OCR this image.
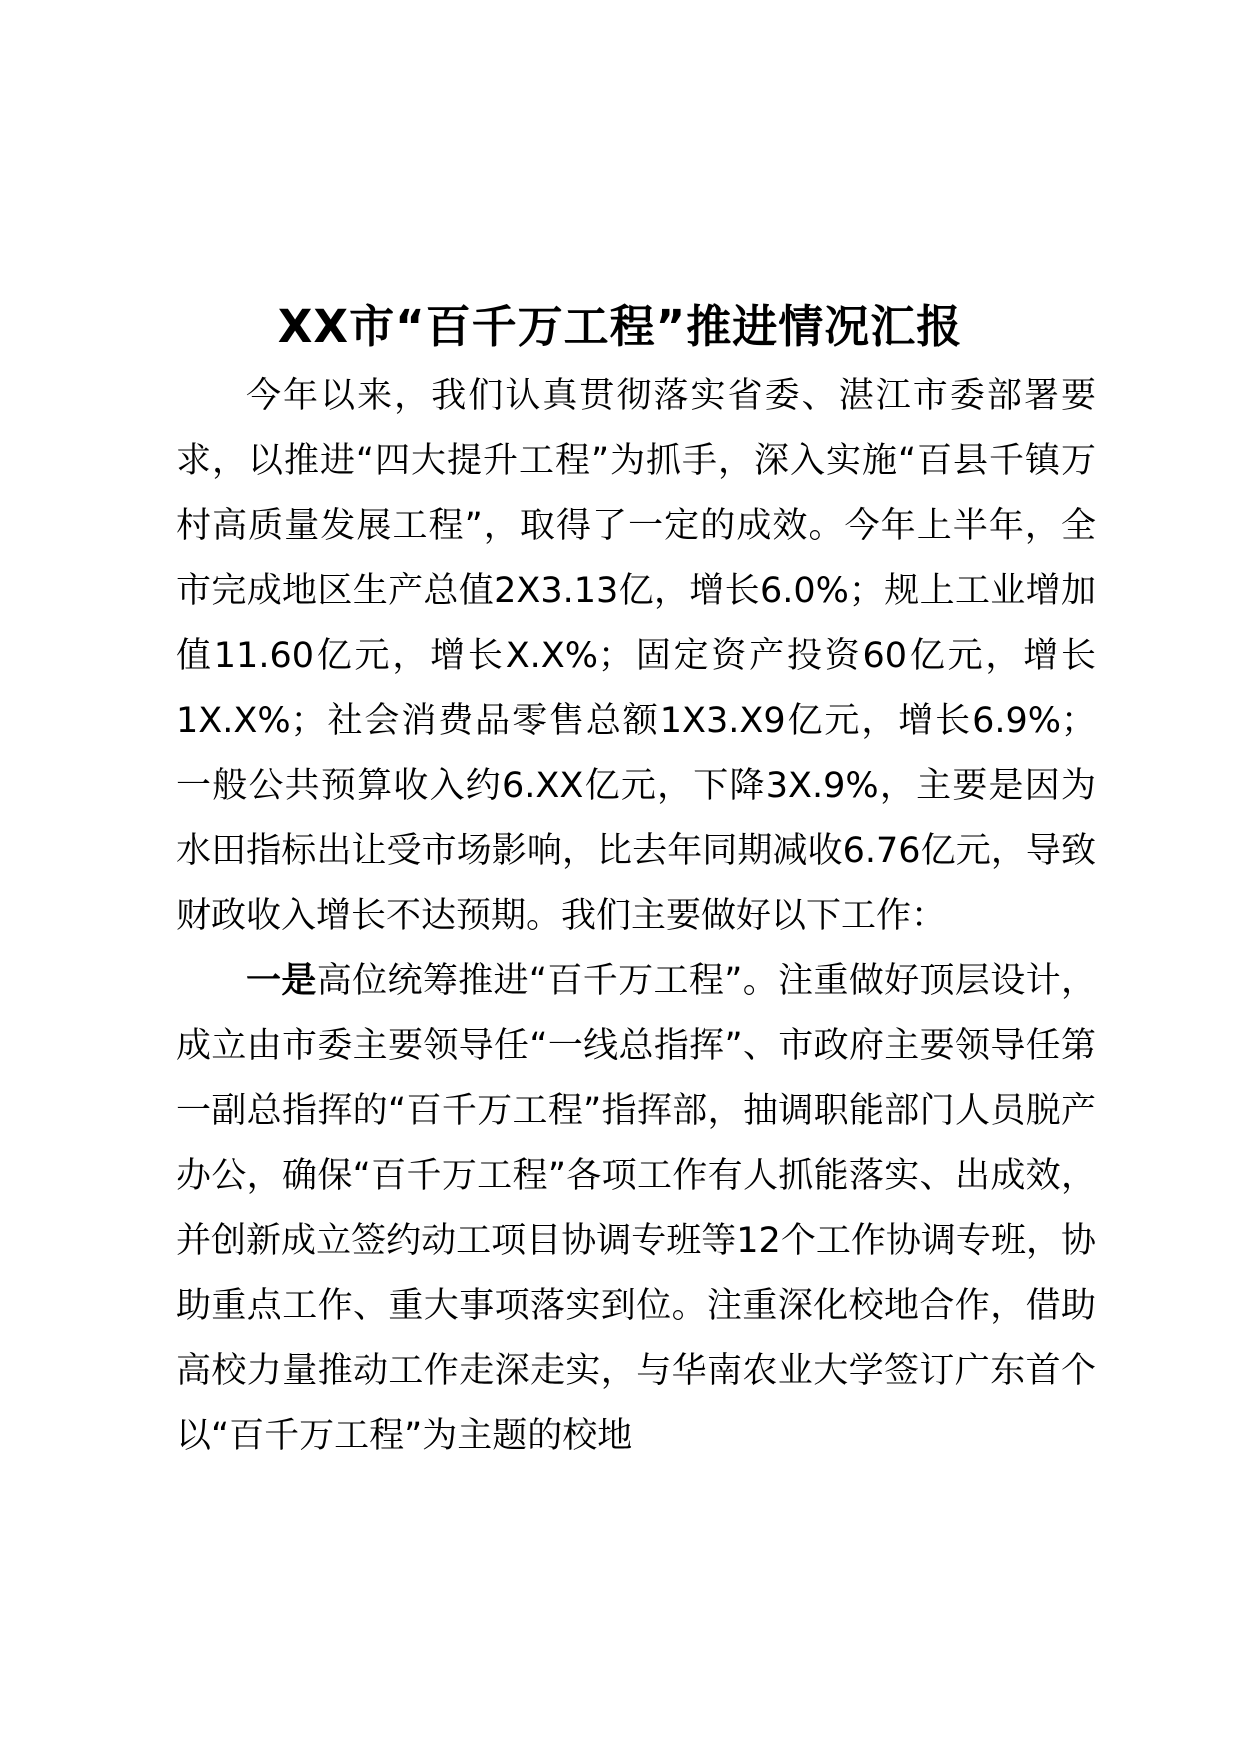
XX市“百千万工程”推进情况汇报

今年以来，我们认真贯彻落实省委、湛江市委部署要求，以推进“四大提升工程”为抓手，深入实施“百县千镇万村高质量发展工程”，取得了一定的成效。今年上半年，全市完成地区生产总值2X3.13亿，增长6.0%；规上工业增加值11.60亿元，增长X.X%；固定资产投资60亿元，增长1X.X%；社会消费品零售总额1X3.X9亿元，增长6.9%；一般公共预算收入约6.XX亿元，下降3X.9%，主要是因为水田指标出让受市场影响，比去年同期减收6.76亿元，导致财政收入增长不达预期。我们主要做好以下工作：

一是高位统筹推进“百千万工程”。注重做好顶层设计，成立由市委主要领导任“一线总指挥”、市政府主要领导任第一副总指挥的“百千万工程”指挥部，抽调职能部门人员脱产办公，确保“百千万工程”各项工作有人抓能落实、出成效，并创新成立签约动工项目协调专班等12个工作协调专班，协助重点工作、重大事项落实到位。注重深化校地合作，借助高校力量推动工作走深走实，与华南农业大学签订广东首个以“百千万工程”为主题的校地
